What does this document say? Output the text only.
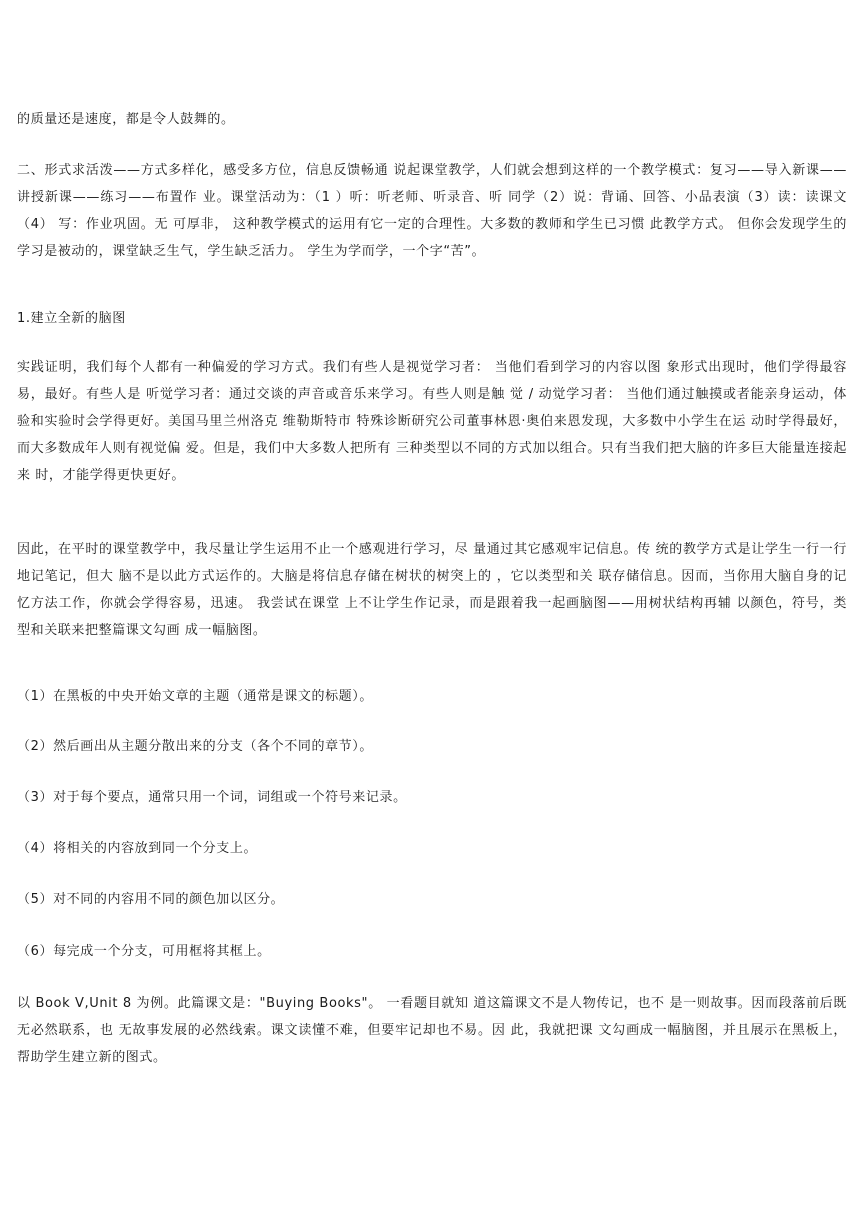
的质量还是速度，都是令人鼓舞的。

二、形式求活泼——方式多样化，感受多方位，信息反馈畅通 说起课堂教学，人们就会想到这样的一个教学模式：复习——导入新课—— 讲授新课——练习——布置作 业。课堂活动为：（1 ）听：听老师、听录音、听 同学（2）说：背诵、回答、小品表演（3）读：读课文（4） 写：作业巩固。无 可厚非， 这种教学模式的运用有它一定的合理性。大多数的教师和学生已习惯 此教学方式。 但你会发现学生的学习是被动的，课堂缺乏生气，学生缺乏活力。 学生为学而学，一个字“苦”。

1.建立全新的脑图

实践证明，我们每个人都有一种偏爱的学习方式。我们有些人是视觉学习者： 当他们看到学习的内容以图 象形式出现时，他们学得最容易，最好。有些人是 听觉学习者：通过交谈的声音或音乐来学习。有些人则是触 觉 / 动觉学习者： 当他们通过触摸或者能亲身运动，体验和实验时会学得更好。美国马里兰州洛克 维勒斯特市 特殊诊断研究公司董事林恩·奥伯来恩发现，大多数中小学生在运 动时学得最好，而大多数成年人则有视觉偏 爱。但是，我们中大多数人把所有 三种类型以不同的方式加以组合。只有当我们把大脑的许多巨大能量连接起 来 时，才能学得更快更好。

因此，在平时的课堂教学中，我尽量让学生运用不止一个感观进行学习，尽 量通过其它感观牢记信息。传 统的教学方式是让学生一行一行地记笔记，但大 脑不是以此方式运作的。大脑是将信息存储在树状的树突上的 ，它以类型和关 联存储信息。因而，当你用大脑自身的记忆方法工作，你就会学得容易，迅速。 我尝试在课堂 上不让学生作记录，而是跟着我一起画脑图——用树状结构再辅 以颜色，符号，类型和关联来把整篇课文勾画 成一幅脑图。

（1）在黑板的中央开始文章的主题（通常是课文的标题）。

（2）然后画出从主题分散出来的分支（各个不同的章节）。

（3）对于每个要点，通常只用一个词，词组或一个符号来记录。

（4）将相关的内容放到同一个分支上。

（5）对不同的内容用不同的颜色加以区分。

（6）每完成一个分支，可用框将其框上。

以 Book V,Unit 8 为例。此篇课文是："Buying Books"。 一看题目就知 道这篇课文不是人物传记，也不 是一则故事。因而段落前后既无必然联系，也 无故事发展的必然线索。课文读懂不难，但要牢记却也不易。因 此，我就把课 文勾画成一幅脑图，并且展示在黑板上，帮助学生建立新的图式。
